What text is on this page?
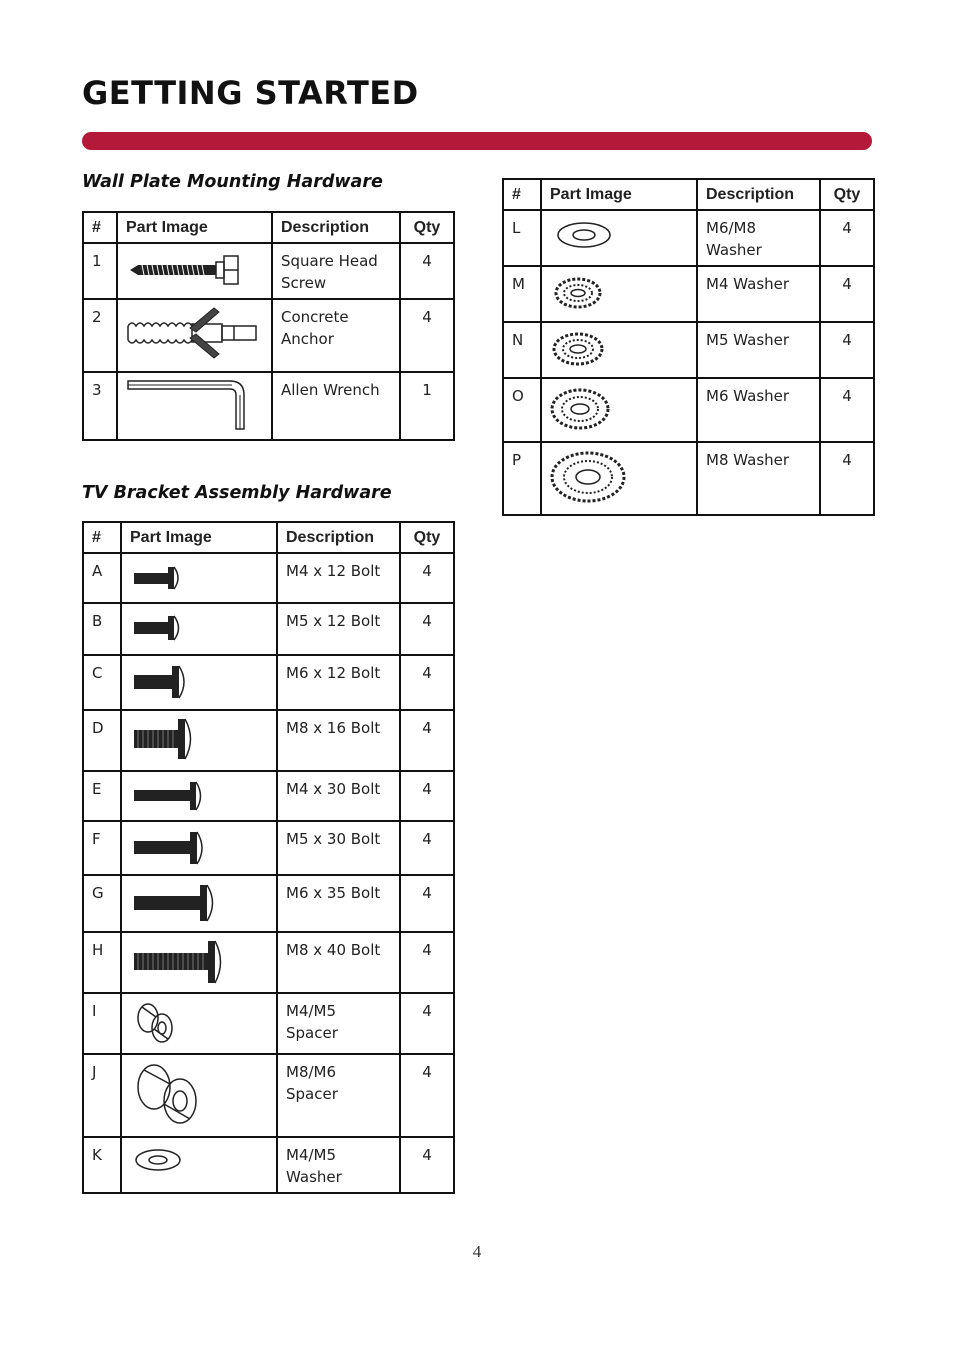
GETTING STARTED
Wall Plate Mounting Hardware
#	Part Image	Description	Qty
1		Square Head Screw	4
2		Concrete Anchor	4
3		Allen Wrench	1
TV Bracket Assembly Hardware
#	Part Image	Description	Qty
A		M4 x 12 Bolt	4
B		M5 x 12 Bolt	4
C		M6 x 12 Bolt	4
D		M8 x 16 Bolt	4
E		M4 x 30 Bolt	4
F		M5 x 30 Bolt	4
G		M6 x 35 Bolt	4
H		M8 x 40 Bolt	4
I		M4/M5 Spacer	4
J		M8/M6 Spacer	4
K		M4/M5 Washer	4
#	Part Image	Description	Qty
L		M6/M8 Washer	4
M		M4 Washer	4
N		M5 Washer	4
O		M6 Washer	4
P		M8 Washer	4
4
